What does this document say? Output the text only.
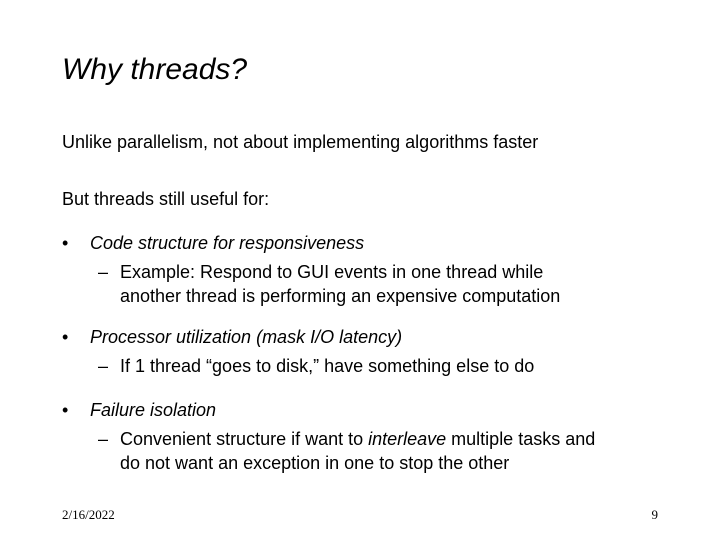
Why threads?
Unlike parallelism, not about implementing algorithms faster
But threads still useful for:
• Code structure for responsiveness
– Example: Respond to GUI events in one thread while
another thread is performing an expensive computation
• Processor utilization (mask I/O latency)
– If 1 thread “goes to disk,” have something else to do
• Failure isolation
– Convenient structure if want to interleave multiple tasks and
do not want an exception in one to stop the other
2/16/2022	9
